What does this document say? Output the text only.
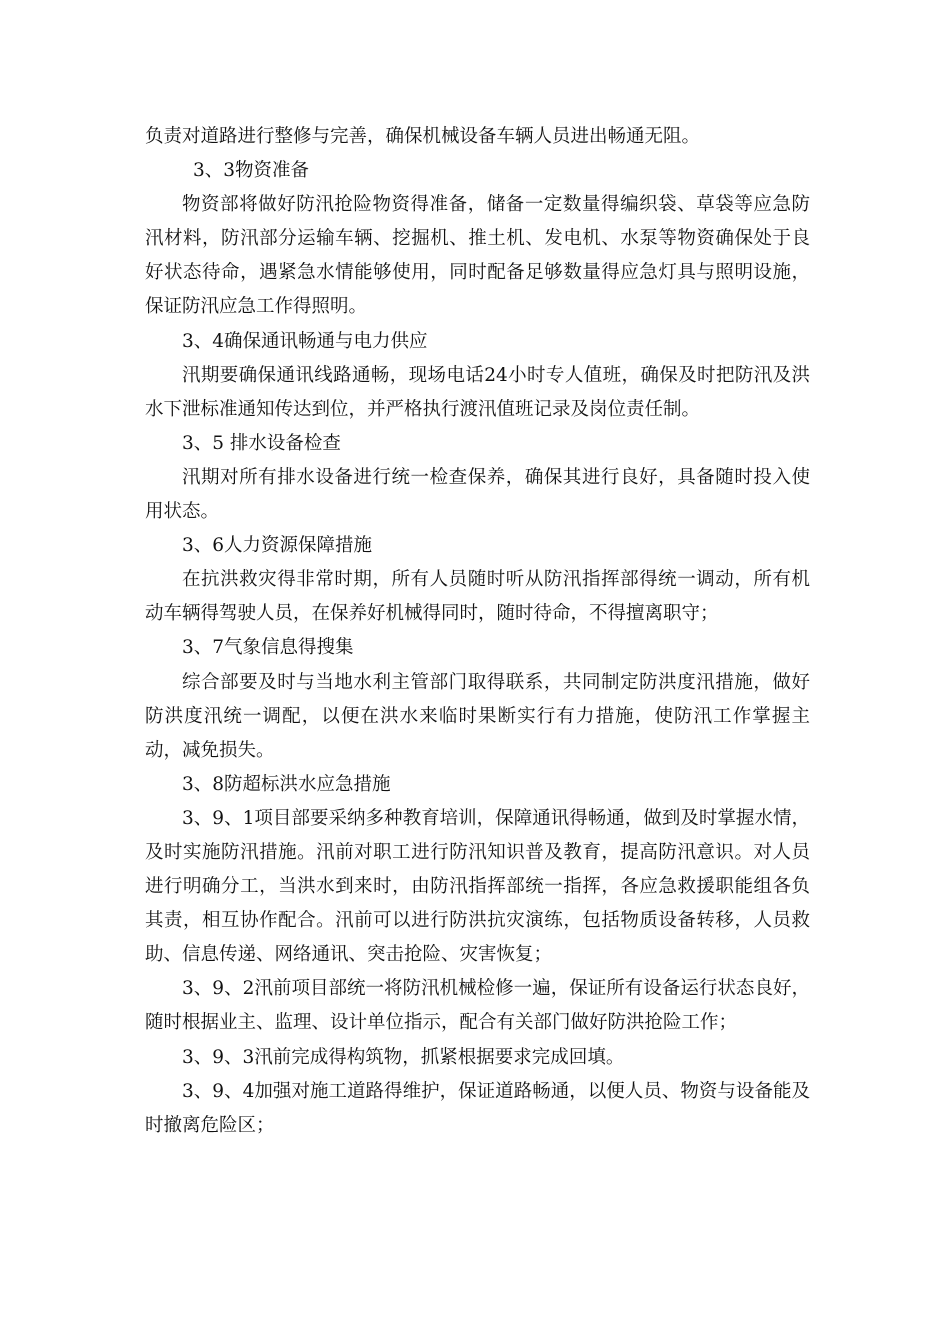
负责对道路进行整修与完善，确保机械设备车辆人员进出畅通无阻。

3、3物资准备

物资部将做好防汛抢险物资得准备，储备一定数量得编织袋、草袋等应急防汛材料，防汛部分运输车辆、挖掘机、推土机、发电机、水泵等物资确保处于良好状态待命，遇紧急水情能够使用，同时配备足够数量得应急灯具与照明设施，保证防汛应急工作得照明。

3、4确保通讯畅通与电力供应

汛期要确保通讯线路通畅，现场电话24小时专人值班，确保及时把防汛及洪水下泄标准通知传达到位，并严格执行渡汛值班记录及岗位责任制。

3、5 排水设备检查

汛期对所有排水设备进行统一检查保养，确保其进行良好，具备随时投入使用状态。

3、6人力资源保障措施

在抗洪救灾得非常时期，所有人员随时听从防汛指挥部得统一调动，所有机动车辆得驾驶人员，在保养好机械得同时，随时待命，不得擅离职守；

3、7气象信息得搜集

综合部要及时与当地水利主管部门取得联系，共同制定防洪度汛措施，做好防洪度汛统一调配，以便在洪水来临时果断实行有力措施，使防汛工作掌握主动，减免损失。

3、8防超标洪水应急措施

3、9、1项目部要采纳多种教育培训，保障通讯得畅通，做到及时掌握水情，及时实施防汛措施。汛前对职工进行防汛知识普及教育，提高防汛意识。对人员进行明确分工，当洪水到来时，由防汛指挥部统一指挥，各应急救援职能组各负其责，相互协作配合。汛前可以进行防洪抗灾演练，包括物质设备转移，人员救助、信息传递、网络通讯、突击抢险、灾害恢复；

3、9、2汛前项目部统一将防汛机械检修一遍，保证所有设备运行状态良好，随时根据业主、监理、设计单位指示，配合有关部门做好防洪抢险工作；

3、9、3汛前完成得构筑物，抓紧根据要求完成回填。

3、9、4加强对施工道路得维护，保证道路畅通，以便人员、物资与设备能及时撤离危险区；
